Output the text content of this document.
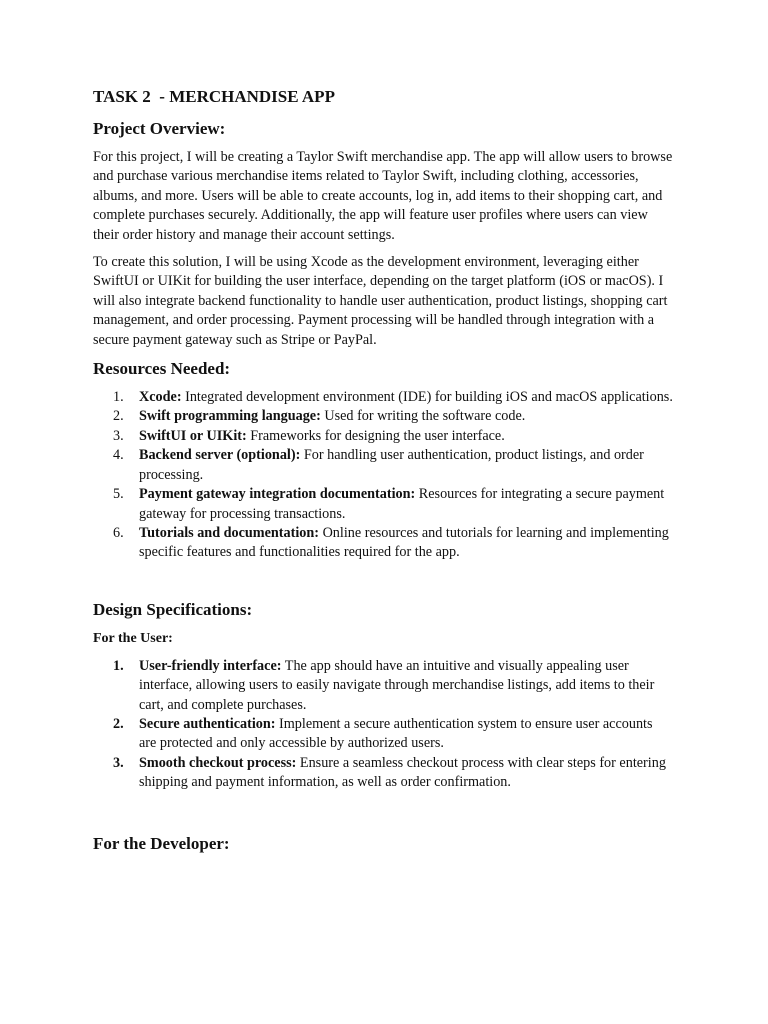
TASK 2  - MERCHANDISE APP
Project Overview:

For this project, I will be creating a Taylor Swift merchandise app. The app will allow users to browse and purchase various merchandise items related to Taylor Swift, including clothing, accessories, albums, and more. Users will be able to create accounts, log in, add items to their shopping cart, and complete purchases securely. Additionally, the app will feature user profiles where users can view their order history and manage their account settings.

To create this solution, I will be using Xcode as the development environment, leveraging either SwiftUI or UIKit for building the user interface, depending on the target platform (iOS or macOS). I will also integrate backend functionality to handle user authentication, product listings, shopping cart management, and order processing. Payment processing will be handled through integration with a secure payment gateway such as Stripe or PayPal.

Resources Needed:
1.	Xcode: Integrated development environment (IDE) for building iOS and macOS applications.
2.	Swift programming language: Used for writing the software code.
3.	SwiftUI or UIKit: Frameworks for designing the user interface.
4.	Backend server (optional): For handling user authentication, product listings, and order processing.
5.	Payment gateway integration documentation: Resources for integrating a secure payment gateway for processing transactions.
6.	Tutorials and documentation: Online resources and tutorials for learning and implementing specific features and functionalities required for the app.
Design Specifications:
For the User:
1.	User-friendly interface: The app should have an intuitive and visually appealing user interface, allowing users to easily navigate through merchandise listings, add items to their cart, and complete purchases.
2.	Secure authentication: Implement a secure authentication system to ensure user accounts are protected and only accessible by authorized users.
3.	Smooth checkout process: Ensure a seamless checkout process with clear steps for entering shipping and payment information, as well as order confirmation.
For the Developer:
